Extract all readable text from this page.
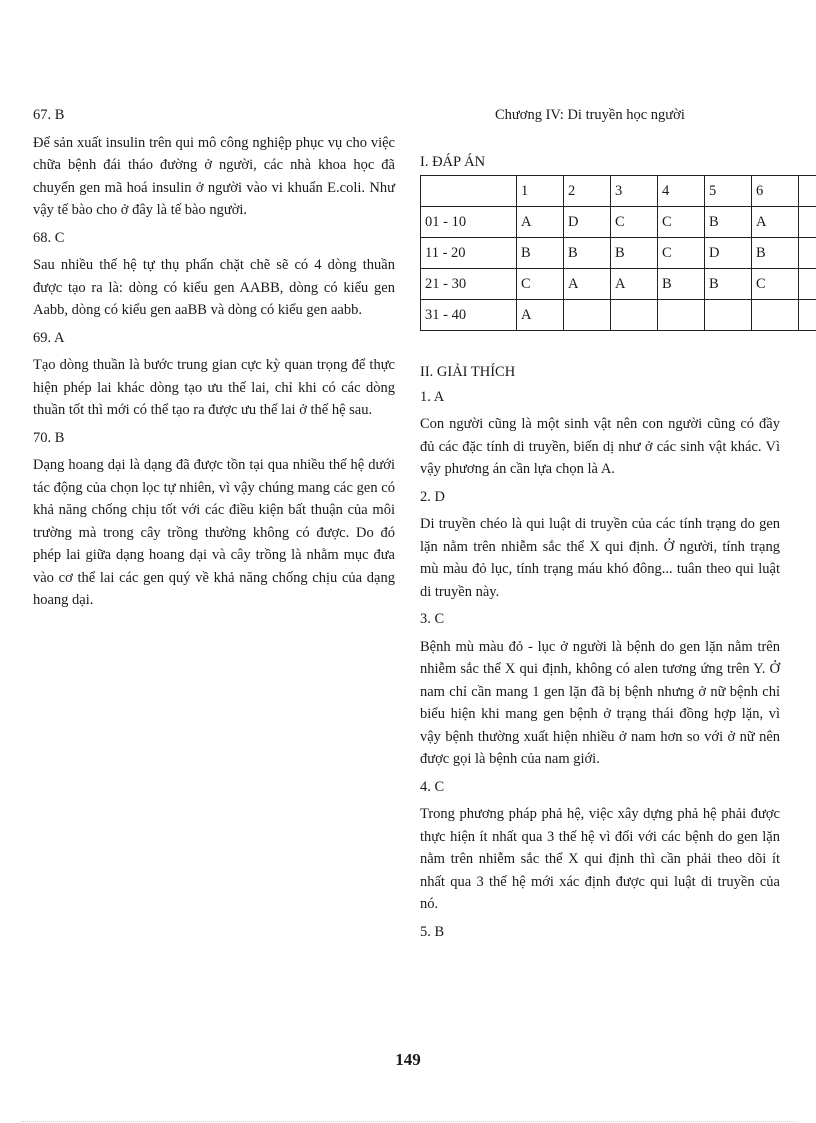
67. B

Để sản xuất insulin trên qui mô công nghiệp phục vụ cho việc chữa bệnh đái tháo đường ở người, các nhà khoa học đã chuyển gen mã hoá insulin ở người vào vi khuẩn E.coli. Như vậy tế bào cho ở đây là tế bào người.

68. C

Sau nhiều thế hệ tự thụ phấn chặt chẽ sẽ có 4 dòng thuần được tạo ra là: dòng có kiểu gen AABB, dòng có kiểu gen Aabb, dòng có kiểu gen aaBB và dòng có kiểu gen aabb.

69. A

Tạo dòng thuần là bước trung gian cực kỳ quan trọng để thực hiện phép lai khác dòng tạo ưu thế lai, chỉ khi có các dòng thuần tốt thì mới có thể tạo ra được ưu thế lai ở thế hệ sau.

70. B

Dạng hoang dại là dạng đã được tồn tại qua nhiều thế hệ dưới tác động của chọn lọc tự nhiên, vì vậy chúng mang các gen có khả năng chống chịu tốt với các điều kiện bất thuận của môi trường mà trong cây trồng thường không có được. Do đó phép lai giữa dạng hoang dại và cây trồng là nhằm mục đưa vào cơ thể lai các gen quý về khả năng chống chịu của dạng hoang dại.

Chương IV: Di truyền học người

I. ĐÁP ÁN

	1	2	3	4	5	6	
01 - 10	A	D	C	C	B	A	
11 - 20	B	B	B	C	D	B	
21 - 30	C	A	A	B	B	C	
31 - 40	A						

II. GIẢI THÍCH

1. A

Con người cũng là một sinh vật nên con người cũng có đầy đủ các đặc tính di truyền, biến dị như ở các sinh vật khác. Vì vậy phương án cần lựa chọn là A.

2. D

Di truyền chéo là qui luật di truyền của các tính trạng do gen lặn nằm trên nhiễm sắc thể X qui định. Ở người, tính trạng mù màu đỏ lục, tính trạng máu khó đông... tuân theo qui luật di truyền này.

3. C

Bệnh mù màu đỏ - lục ở người là bệnh do gen lặn nằm trên nhiễm sắc thể X qui định, không có alen tương ứng trên Y. Ở nam chỉ cần mang 1 gen lặn đã bị bệnh nhưng ở nữ bệnh chỉ biểu hiện khi mang gen bệnh ở trạng thái đồng hợp lặn, vì vậy bệnh thường xuất hiện nhiều ở nam hơn so với ở nữ nên được gọi là bệnh của nam giới.

4. C

Trong phương pháp phả hệ, việc xây dựng phả hệ phải được thực hiện ít nhất qua 3 thế hệ vì đối với các bệnh do gen lặn nằm trên nhiễm sắc thể X qui định thì cần phải theo dõi ít nhất qua 3 thế hệ mới xác định được qui luật di truyền của nó.

5. B

149
